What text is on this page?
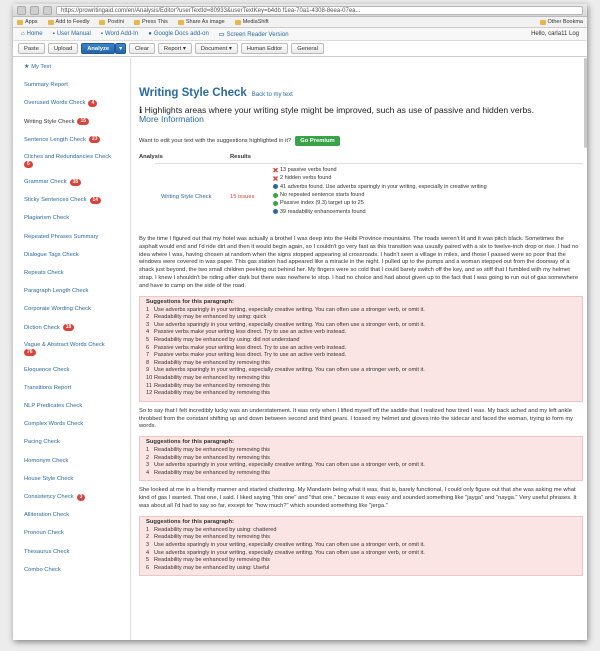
https://prowritingaid.com/en/Analysis/Editor?userTextId=80933&userTextKey=b4db f1ea-70a1-4308-8eea-07ea...
Apps	Add to Feedly	Postini	Press This	Share As image	MediaShift	Other Bookma
⌂ Home ▪ User Manual ▪ Word Add-In ● Google Docs add-on ▭ Screen Reader Version	Hello, carla11 Log
Paste	Upload	Analyze	▾	Clear	Report ▾	Document ▾	Human Editor	General
★ My Text
Summary Report
Overused Words Check	4
Writing Style Check	15
Sentence Length Check	23
Cliches and Redundancies Check
6
Grammar Check	38
Sticky Sentences Check	14
Plagiarism Check
Repeated Phrases Summary
Dialogue Tags Check
Repeats Check
Paragraph Length Check
Corporate Wording Check
Diction Check	18
Vague & Abstract Words Check
76
Eloquence Check
Transitions Report
NLP Predicates Check
Complex Words Check
Pacing Check
Homonym Check
House Style Check
Consistency Check	3
Alliteration Check
Pronoun Check
Thesaurus Check
Combo Check
Writing Style Check Back to my text
ℹ Highlights areas where your writing style might be improved, such as use of passive and hidden verbs.
More Information
Want to edit your text with the suggestions highlighted in it?	Go Premium
Analysis	Results
Writing Style Check	15 issues
13 passive verbs found
2 hidden verbs found
41 adverbs found. Use adverbs sparingly in your writing, especially in creative writing
No repeated sentence starts found
Passive index (9.3) target up to 25
39 readability enhancements found

By the time I figured out that my hotel was actually a brothel I was deep into the Heibi Province mountains. The roads weren't lit and it was pitch black. Sometimes the asphalt would end and I'd ride dirt and then it would begin again, so I couldn't go very fast as this transition was usually paired with a six to twelve-inch drop or rise. I had no idea where I was, having chosen at random when the signs stopped appearing at crossroads. I hadn't seen a village in miles, and those I passed were so poor that the windows were covered in wax paper. This gas station had appeared like a miracle in the night. I pulled up to the pumps and a woman stepped out from the doorway of a shack just beyond, the two small children peeking out behind her. My fingers were so cold that I could barely switch off the key, and so stiff that I fumbled with my helmet strap. I knew I shouldn't be riding after dark but there was nowhere to stop. I had no choice and had about given up to the fact that I was going to run out of gas somewhere and have to camp on the side of the road.

Suggestions for this paragraph:
1 Use adverbs sparingly in your writing, especially creative writing. You can often use a stronger verb, or omit it.
2 Readability may be enhanced by using: quick
3 Use adverbs sparingly in your writing, especially creative writing. You can often use a stronger verb, or omit it.
4 Passive verbs make your writing less direct. Try to use an active verb instead.
5 Readability may be enhanced by using: did not understand
6 Passive verbs make your writing less direct. Try to use an active verb instead.
7 Passive verbs make your writing less direct. Try to use an active verb instead.
8 Readability may be enhanced by removing this
9 Use adverbs sparingly in your writing, especially creative writing. You can often use a stronger verb, or omit it.
10 Readability may be enhanced by removing this
11 Readability may be enhanced by removing this
12 Readability may be enhanced by removing this

So to say that I felt incredibly lucky was an understatement. It was only when I lifted myself off the saddle that I realized how tired I was. My back ached and my left ankle throbbed from the constant shifting up and down between second and third gears. I tossed my helmet and gloves into the sidecar and faced the woman, trying to form my words.

Suggestions for this paragraph:
1 Readability may be enhanced by removing this
2 Readability may be enhanced by removing this
3 Use adverbs sparingly in your writing, especially creative writing. You can often use a stronger verb, or omit it.
4 Readability may be enhanced by removing this

She looked at me in a friendly manner and started chattering. My Mandarin being what it was, that is, barely functional, I could only figure out that she was asking me what kind of gas I wanted. That one, I said. I liked saying "this one" and "that one," because it was easy and sounded something like "jayga" and "nayga." Very useful phrases. It was about all I'd had to say so far, except for "how much?" which sounded something like "jerga."

Suggestions for this paragraph:
1 Readability may be enhanced by using: chattered
2 Readability may be enhanced by removing this
3 Use adverbs sparingly in your writing, especially creative writing. You can often use a stronger verb, or omit it.
4 Use adverbs sparingly in your writing, especially creative writing. You can often use a stronger verb, or omit it.
5 Readability may be enhanced by removing this
6 Readability may be enhanced by using: Useful
